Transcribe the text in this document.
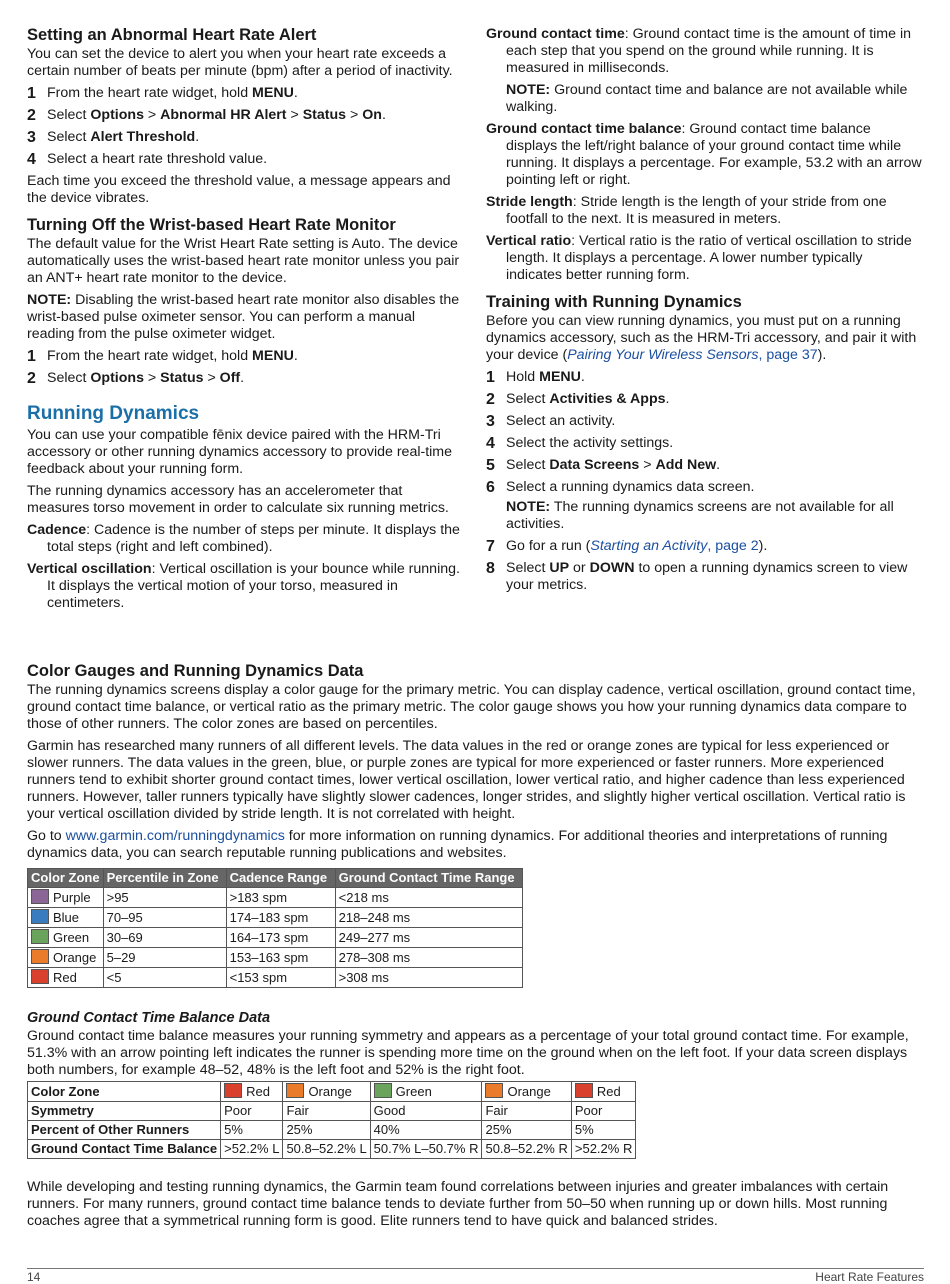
Setting an Abnormal Heart Rate Alert

You can set the device to alert you when your heart rate exceeds a certain number of beats per minute (bpm) after a period of inactivity.

1 From the heart rate widget, hold MENU.
2 Select Options > Abnormal HR Alert > Status > On.
3 Select Alert Threshold.
4 Select a heart rate threshold value.

Each time you exceed the threshold value, a message appears and the device vibrates.

Turning Off the Wrist-based Heart Rate Monitor

The default value for the Wrist Heart Rate setting is Auto. The device automatically uses the wrist-based heart rate monitor unless you pair an ANT+ heart rate monitor to the device.

NOTE: Disabling the wrist-based heart rate monitor also disables the wrist-based pulse oximeter sensor. You can perform a manual reading from the pulse oximeter widget.

1 From the heart rate widget, hold MENU.
2 Select Options > Status > Off.
Running Dynamics

You can use your compatible fēnix device paired with the HRM-Tri accessory or other running dynamics accessory to provide real-time feedback about your running form.

The running dynamics accessory has an accelerometer that measures torso movement in order to calculate six running metrics.

Cadence: Cadence is the number of steps per minute. It displays the total steps (right and left combined).

Vertical oscillation: Vertical oscillation is your bounce while running. It displays the vertical motion of your torso, measured in centimeters.

Ground contact time: Ground contact time is the amount of time in each step that you spend on the ground while running. It is measured in milliseconds.

NOTE: Ground contact time and balance are not available while walking.

Ground contact time balance: Ground contact time balance displays the left/right balance of your ground contact time while running. It displays a percentage. For example, 53.2 with an arrow pointing left or right.

Stride length: Stride length is the length of your stride from one footfall to the next. It is measured in meters.

Vertical ratio: Vertical ratio is the ratio of vertical oscillation to stride length. It displays a percentage. A lower number typically indicates better running form.

Training with Running Dynamics

Before you can view running dynamics, you must put on a running dynamics accessory, such as the HRM-Tri accessory, and pair it with your device (Pairing Your Wireless Sensors, page 37).

1 Hold MENU.
2 Select Activities & Apps.
3 Select an activity.
4 Select the activity settings.
5 Select Data Screens > Add New.
6 Select a running dynamics data screen.

NOTE: The running dynamics screens are not available for all activities.

7 Go for a run (Starting an Activity, page 2).
8 Select UP or DOWN to open a running dynamics screen to view your metrics.
Color Gauges and Running Dynamics Data

The running dynamics screens display a color gauge for the primary metric. You can display cadence, vertical oscillation, ground contact time, ground contact time balance, or vertical ratio as the primary metric. The color gauge shows you how your running dynamics data compare to those of other runners. The color zones are based on percentiles.

Garmin has researched many runners of all different levels. The data values in the red or orange zones are typical for less experienced or slower runners. The data values in the green, blue, or purple zones are typical for more experienced or faster runners. More experienced runners tend to exhibit shorter ground contact times, lower vertical oscillation, lower vertical ratio, and higher cadence than less experienced runners. However, taller runners typically have slightly slower cadences, longer strides, and slightly higher vertical oscillation. Vertical ratio is your vertical oscillation divided by stride length. It is not correlated with height.

Go to www.garmin.com/runningdynamics for more information on running dynamics. For additional theories and interpretations of running dynamics data, you can search reputable running publications and websites.

Color Zone	Percentile in Zone	Cadence Range	Ground Contact Time Range
Purple	>95	>183 spm	<218 ms
Blue	70–95	174–183 spm	218–248 ms
Green	30–69	164–173 spm	249–277 ms
Orange	5–29	153–163 spm	278–308 ms
Red	<5	<153 spm	>308 ms
Ground Contact Time Balance Data

Ground contact time balance measures your running symmetry and appears as a percentage of your total ground contact time. For example, 51.3% with an arrow pointing left indicates the runner is spending more time on the ground when on the left foot. If your data screen displays both numbers, for example 48–52, 48% is the left foot and 52% is the right foot.

Color Zone	Red	Orange	Green	Orange	Red
Symmetry	Poor	Fair	Good	Fair	Poor
Percent of Other Runners	5%	25%	40%	25%	5%
Ground Contact Time Balance	>52.2% L	50.8–52.2% L	50.7% L–50.7% R	50.8–52.2% R	>52.2% R

While developing and testing running dynamics, the Garmin team found correlations between injuries and greater imbalances with certain runners. For many runners, ground contact time balance tends to deviate further from 50–50 when running up or down hills. Most running coaches agree that a symmetrical running form is good. Elite runners tend to have quick and balanced strides.

14	Heart Rate Features
